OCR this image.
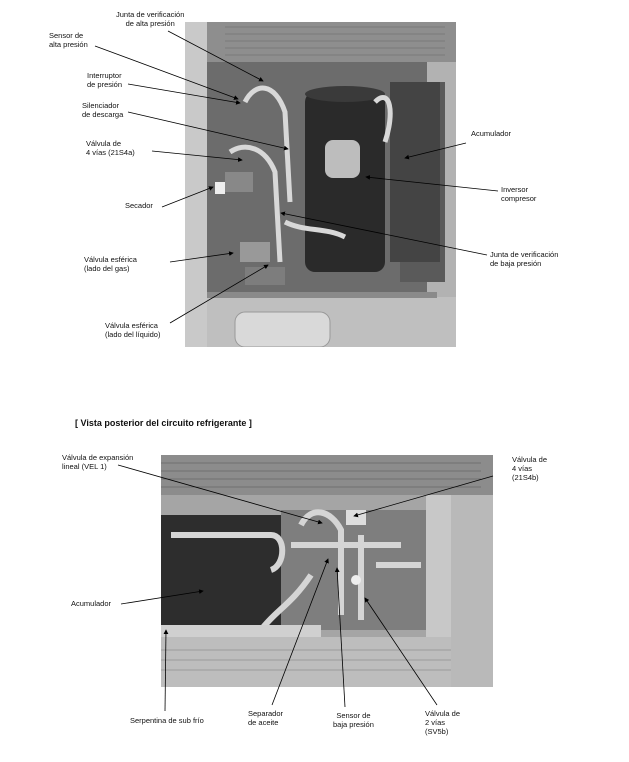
Junta de verificación
de alta presión
Sensor de
alta presión
Interruptor
de presión
Silenciador
de descarga
Válvula de
4 vías (21S4a)
Secador
Válvula esférica
(lado del gas)
Válvula esférica
(lado del líquido)
Acumulador
Inversor
compresor
Junta de verificación
de baja presión
[ Vista posterior del circuito refrigerante ]
Válvula de expansión
lineal (VEL 1)
Válvula de
4 vías
(21S4b)
Acumulador
Serpentina de sub frío
Separador
de aceite
Sensor de
baja presión
Válvula de
2 vías
(SV5b)
